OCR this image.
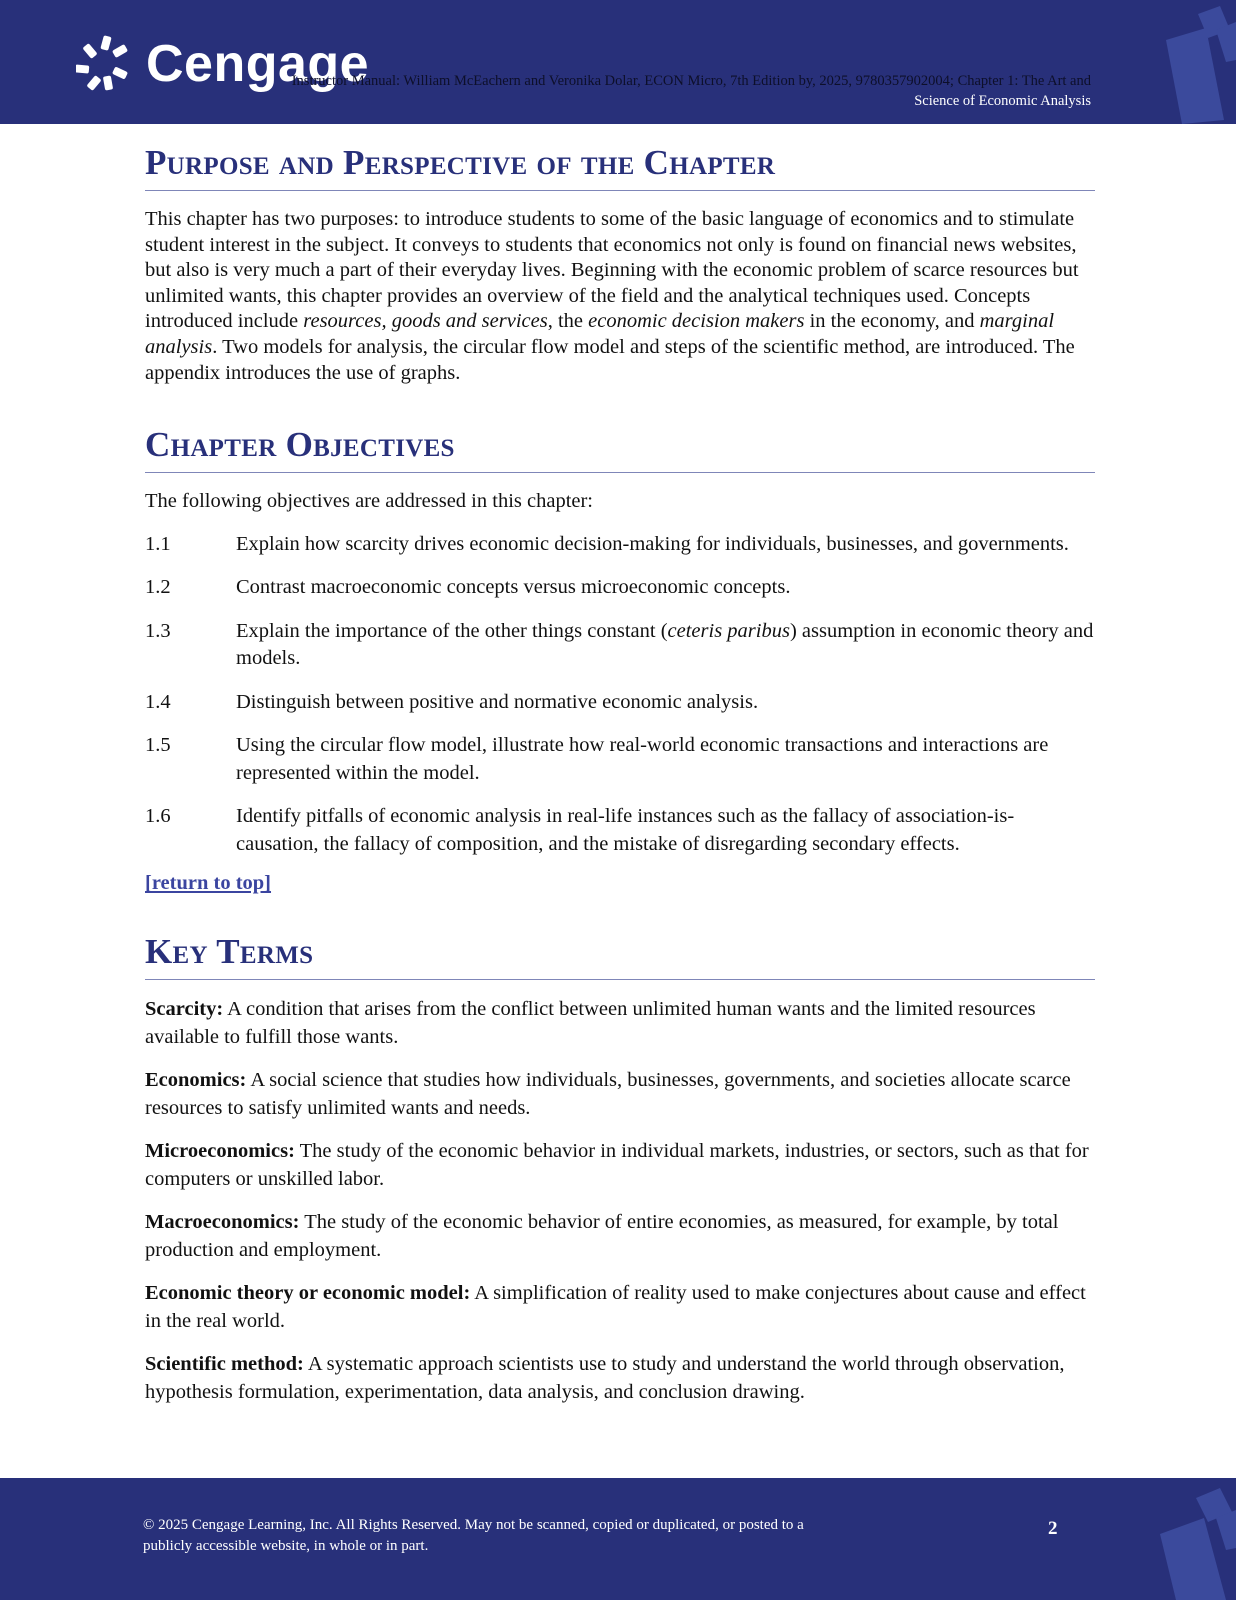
Cengage
Instructor Manual: William McEachern and Veronika Dolar, ECON Micro, 7th Edition by, 2025, 9780357902004; Chapter 1: The Art and
Science of Economic Analysis
Purpose and Perspective of the Chapter

This chapter has two purposes: to introduce students to some of the basic language of economics and to stimulate student interest in the subject. It conveys to students that economics not only is found on financial news websites, but also is very much a part of their everyday lives. Beginning with the economic problem of scarce resources but unlimited wants, this chapter provides an overview of the field and the analytical techniques used. Concepts introduced include resources, goods and services, the economic decision makers in the economy, and marginal analysis. Two models for analysis, the circular flow model and steps of the scientific method, are introduced. The appendix introduces the use of graphs.

Chapter Objectives

The following objectives are addressed in this chapter:

1.1	Explain how scarcity drives economic decision-making for individuals, businesses, and governments.
1.2	Contrast macroeconomic concepts versus microeconomic concepts.
1.3	Explain the importance of the other things constant (ceteris paribus) assumption in economic theory and models.
1.4	Distinguish between positive and normative economic analysis.
1.5	Using the circular flow model, illustrate how real-world economic transactions and interactions are represented within the model.
1.6	Identify pitfalls of economic analysis in real-life instances such as the fallacy of association-is-causation, the fallacy of composition, and the mistake of disregarding secondary effects.
[return to top]
Key Terms

Scarcity: A condition that arises from the conflict between unlimited human wants and the limited resources available to fulfill those wants.

Economics: A social science that studies how individuals, businesses, governments, and societies allocate scarce resources to satisfy unlimited wants and needs.

Microeconomics: The study of the economic behavior in individual markets, industries, or sectors, such as that for computers or unskilled labor.

Macroeconomics: The study of the economic behavior of entire economies, as measured, for example, by total production and employment.

Economic theory or economic model: A simplification of reality used to make conjectures about cause and effect in the real world.

Scientific method: A systematic approach scientists use to study and understand the world through observation, hypothesis formulation, experimentation, data analysis, and conclusion drawing.

© 2025 Cengage Learning, Inc. All Rights Reserved. May not be scanned, copied or duplicated, or posted to a
publicly accessible website, in whole or in part.
2
